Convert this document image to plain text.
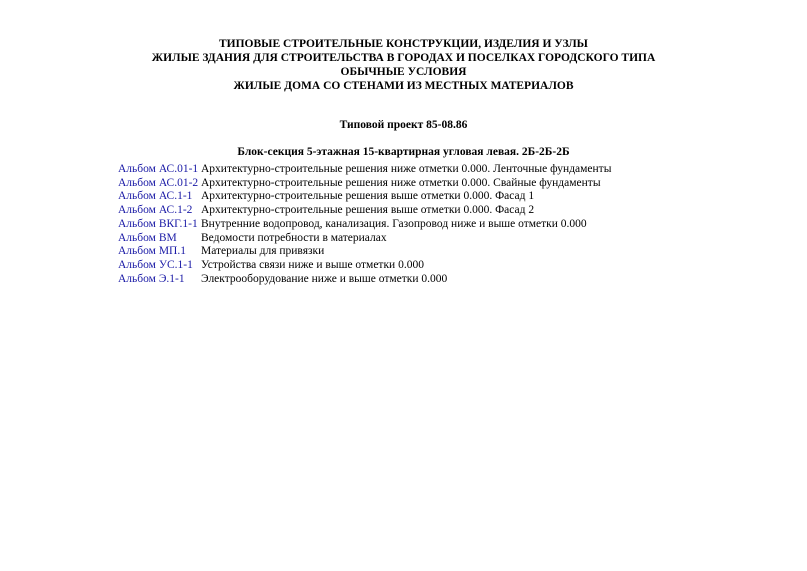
ТИПОВЫЕ СТРОИТЕЛЬНЫЕ КОНСТРУКЦИИ, ИЗДЕЛИЯ И УЗЛЫ
ЖИЛЫЕ ЗДАНИЯ ДЛЯ СТРОИТЕЛЬСТВА В ГОРОДАХ И ПОСЕЛКАХ ГОРОДСКОГО ТИПА
ОБЫЧНЫЕ УСЛОВИЯ
ЖИЛЫЕ ДОМА СО СТЕНАМИ ИЗ МЕСТНЫХ МАТЕРИАЛОВ
Типовой проект 85-08.86
Блок-секция 5-этажная 15-квартирная угловая левая. 2Б-2Б-2Б
Альбом АС.01-1	Архитектурно-строительные решения ниже отметки 0.000. Ленточные фундаменты
Альбом АС.01-2	Архитектурно-строительные решения ниже отметки 0.000. Свайные фундаменты
Альбом АС.1-1	Архитектурно-строительные решения выше отметки 0.000. Фасад 1
Альбом АС.1-2	Архитектурно-строительные решения выше отметки 0.000. Фасад 2
Альбом ВКГ.1-1	Внутренние водопровод, канализация. Газопровод ниже и выше отметки 0.000
Альбом ВМ	Ведомости потребности в материалах
Альбом МП.1	Материалы для привязки
Альбом УС.1-1	Устройства связи ниже и выше отметки 0.000
Альбом Э.1-1	Электрооборудование ниже и выше отметки 0.000
